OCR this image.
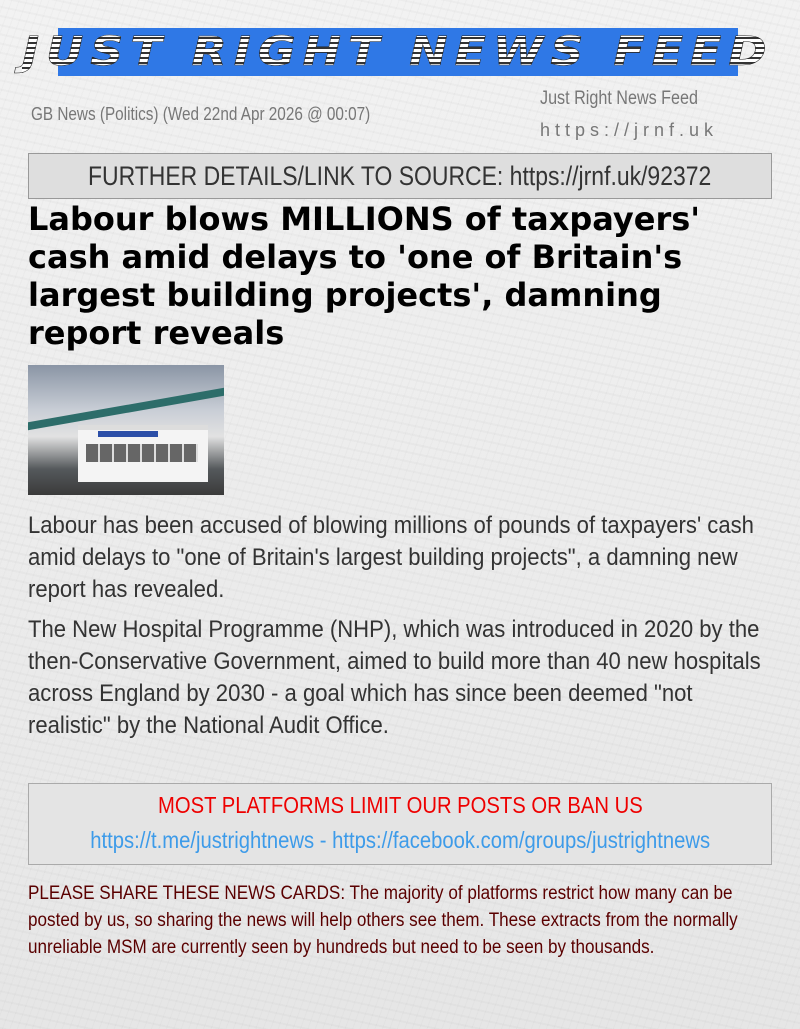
JUST RIGHT NEWS FEED
GB News (Politics) (Wed 22nd Apr 2026 @ 00:07)
Just Right News Feed
https://jrnf.uk
FURTHER DETAILS/LINK TO SOURCE: https://jrnf.uk/92372
Labour blows MILLIONS of taxpayers' cash amid delays to 'one of Britain's largest building projects', damning report reveals

Labour has been accused of blowing millions of pounds of taxpayers' cash amid delays to "one of Britain's largest building projects", a damning new report has revealed.

The New Hospital Programme (NHP), which was introduced in 2020 by the then-Conservative Government, aimed to build more than 40 new hospitals across England by 2030 - a goal which has since been deemed "not realistic" by the National Audit Office.

MOST PLATFORMS LIMIT OUR POSTS OR BAN US
https://t.me/justrightnews - https://facebook.com/groups/justrightnews
PLEASE SHARE THESE NEWS CARDS: The majority of platforms restrict how many can be posted by us, so sharing the news will help others see them. These extracts from the normally unreliable MSM are currently seen by hundreds but need to be seen by thousands.
